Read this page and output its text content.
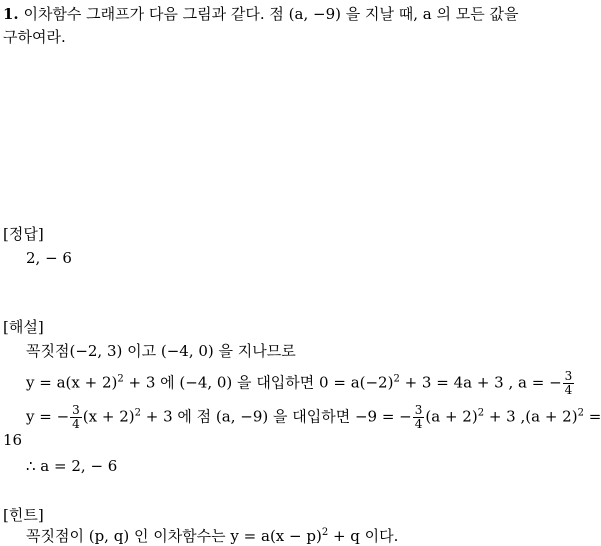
1. 이차함수 그래프가 다음 그림과 같다. 점 (a, −9) 을 지날 때, a 의 모든 값을
구하여라.
[정답]
2, − 6
[해설]
꼭짓점(−2, 3) 이고 (−4, 0) 을 지나므로
$y = a(x + 2)^2 + 3$ 에 (−4, 0) 을 대입하면 $0 = a(-2)^2 + 3 = 4a + 3$ , a = − $\frac{3}{4}$
y = − $\frac{3}{4} (x + 2)^2 + 3$ 에 점 (a, −9) 을 대입하면 −9 = − $\frac{3}{4} (a + 2)^2 + 3$ $,(a + 2)^2$ =
16
∴ a = 2, − 6
[힌트]
꼭짓점이 (p, q) 인 이차함수는 $y = a(x - p)^2 + q$ 이다.
